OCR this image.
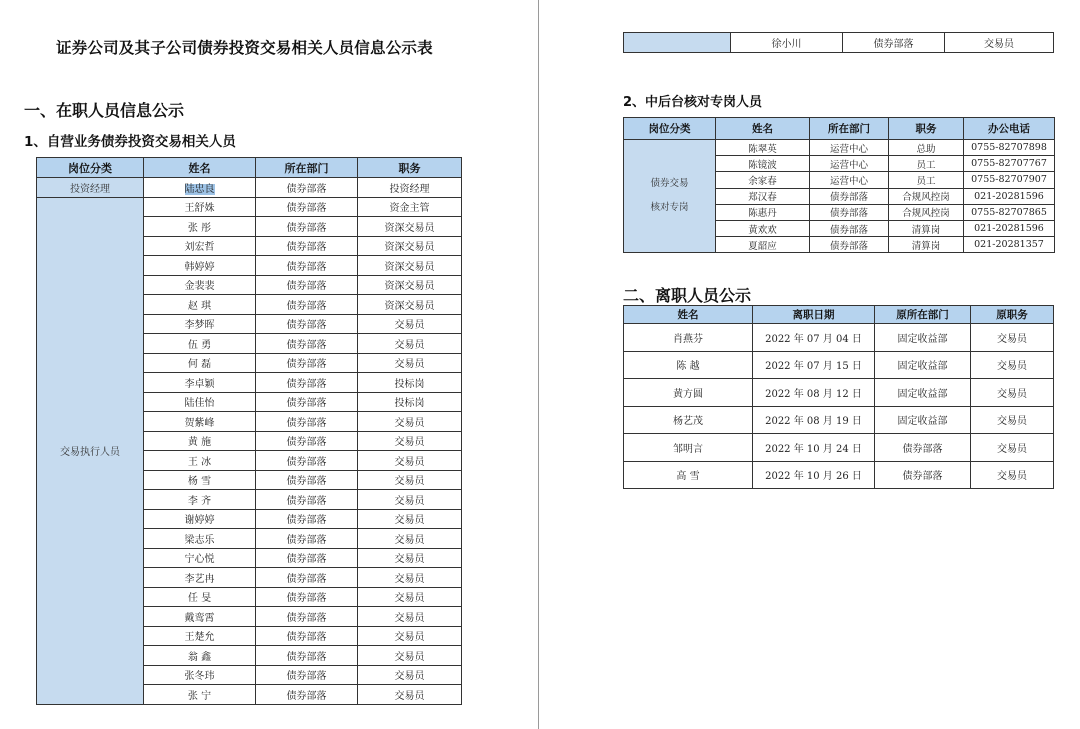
证券公司及其子公司债券投资交易相关人员信息公示表
一、在职人员信息公示
1、自营业务债券投资交易相关人员
岗位分类	姓名	所在部门	职务
投资经理	陆忠良	债券部落	投资经理
交易执行人员	王舒姝	债券部落	资金主管
	张 彤	债券部落	资深交易员
	刘宏哲	债券部落	资深交易员
	韩婷婷	债券部落	资深交易员
	金裴裴	债券部落	资深交易员
	赵 琪	债券部落	资深交易员
	李梦晖	债券部落	交易员
	伍 勇	债券部落	交易员
	何 磊	债券部落	交易员
	李卓颖	债券部落	投标岗
	陆佳怡	债券部落	投标岗
	贺紫峰	债券部落	交易员
	黄 施	债券部落	交易员
	王 冰	债券部落	交易员
	杨 雪	债券部落	交易员
	李 齐	债券部落	交易员
	谢婷婷	债券部落	交易员
	梁志乐	债券部落	交易员
	宁心悦	债券部落	交易员
	李艺冉	债券部落	交易员
	任 旻	债券部落	交易员
	戴鸾霄	债券部落	交易员
	王楚允	债券部落	交易员
	翁 鑫	债券部落	交易员
	张冬玮	债券部落	交易员
	张 宁	债券部落	交易员
	徐小川	债券部落	交易员
2、中后台核对专岗人员
岗位分类	姓名	所在部门	职务	办公电话
债券交易

核对专岗	陈翠英	运营中心	总助	0755-82707898
	陈镜波	运营中心	员工	0755-82707767
	余家春	运营中心	员工	0755-82707907
	郑汉春	债券部落	合规风控岗	021-20281596
	陈惠丹	债券部落	合规风控岗	0755-82707865
	黄欢欢	债券部落	清算岗	021-20281596
	夏韶应	债券部落	清算岗	021-20281357
二、离职人员公示
姓名	离职日期	原所在部门	原职务
肖燕芬	2022 年 07 月 04 日	固定收益部	交易员
陈 越	2022 年 07 月 15 日	固定收益部	交易员
黄方圆	2022 年 08 月 12 日	固定收益部	交易员
杨艺茂	2022 年 08 月 19 日	固定收益部	交易员
邹明言	2022 年 10 月 24 日	债券部落	交易员
高 雪	2022 年 10 月 26 日	债券部落	交易员
